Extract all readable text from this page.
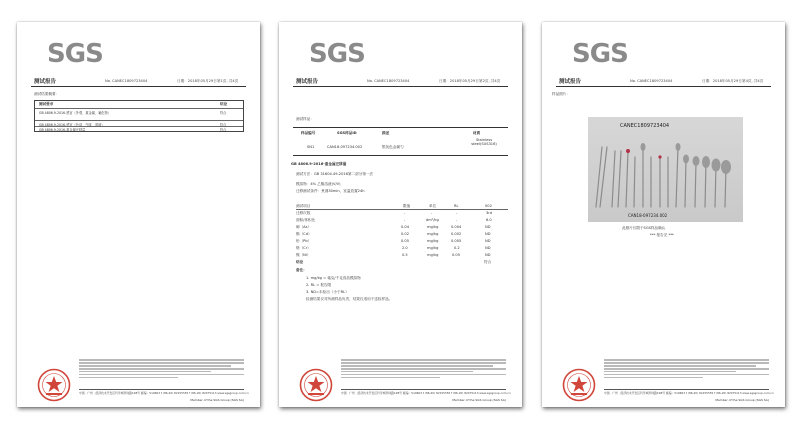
SGS
测试报告	No. CANEC1809723404	日期：2018年05月29日 第1页, 共4页
测试结果概要：
测试要求	结论
GB 4806.9-2016-感官（外观、重金属、氟化物）	符合
GB 4806.9-2016-感官（色泽、气味、滋味）	符合
GB 4806.9-2016-重金属迁移量	符合
中国 · 广州 · 经济技术开发区科学城科珠路198号 邮编：510663 t (86-20) 82155555 f (86-20) 82075113 www.sgsgroup.com.cn
Member of the SGS Group (SGS SA)
SGS
测试报告	No. CANEC1809723404	日期：2018年05月29日 第2页, 共4页
测试样品：
样品编号	SGS样品ID	描述	材质
SN1	CAN18-097234.002	银灰色金属勺
Stainless steel(SUS316)
GB 4806.9-2016-重金属迁移量
测试方法：GB 31604.49-2016第二部分第一法
模拟物：4% 乙酸溶液(V/V)
迁移测试条件：煮沸30min，室温放置24h
测试项目	限值	单位	RL	002
迁移次数	-	-	-	3rd
面积/体积比	-	dm²/kg	-	6.0
砷（As）	0.04	mg/kg	0.004	ND
镉（Cd）	0.02	mg/kg	0.002	ND
铅（Pb）	0.05	mg/kg	0.005	ND
铬（Cr）	2.0	mg/kg	0.2	ND
镍（Ni）	0.5	mg/kg	0.05	ND
结论	符合
备注：
1. mg/kg = 毫克/千克食品模拟物
2. RL = 报告限
3. ND=未检出（小于RL）
检测结果仅对所测样品负责，结果仅适用于送检样品。
中国 · 广州 · 经济技术开发区科学城科珠路198号 邮编：510663 t (86-20) 82155555 f (86-20) 82075113 www.sgsgroup.com.cn
Member of the SGS Group (SGS SA)
SGS
测试报告	No. CANEC1809723404	日期：2018年05月29日 第4页, 共4页
样品照片：
CANEC1809723404
CAN18-097234.002
此照片仅限于SGS样品确认
*** 报告完 ***
中国 · 广州 · 经济技术开发区科学城科珠路198号 邮编：510663 t (86-20) 82155555 f (86-20) 82075113 www.sgsgroup.com.cn
Member of the SGS Group (SGS SA)
